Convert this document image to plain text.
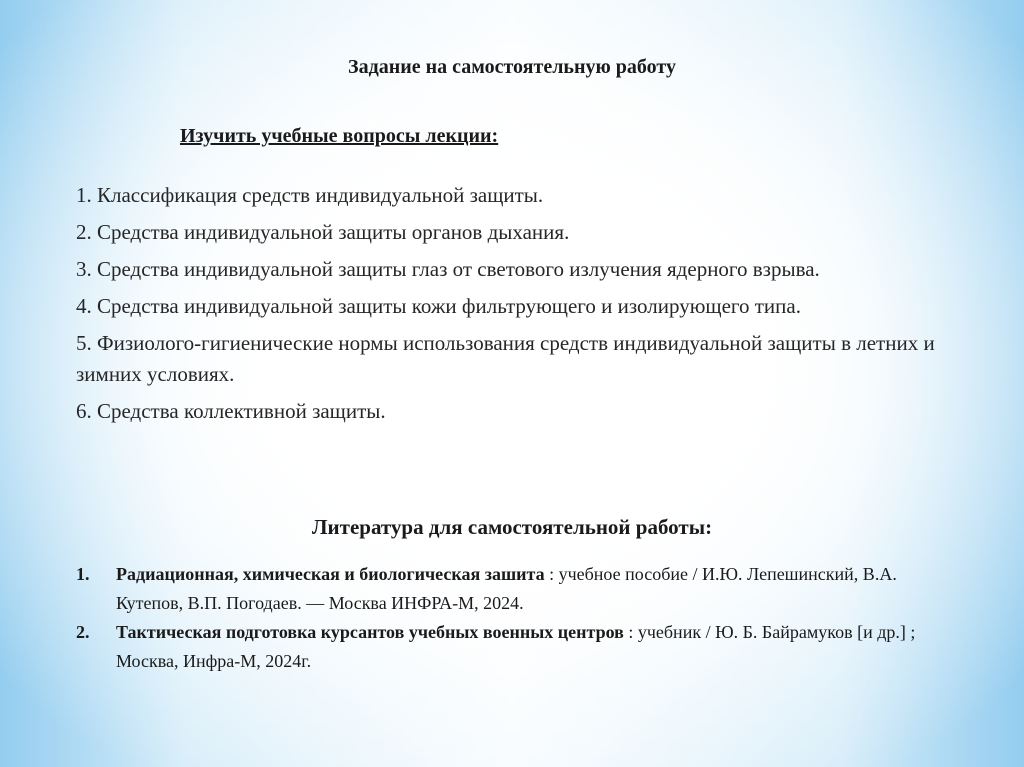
Задание на самостоятельную работу
Изучить учебные вопросы лекции:
1. Классификация средств индивидуальной защиты.
2. Средства индивидуальной защиты органов дыхания.
3. Средства индивидуальной защиты глаз от светового излучения ядерного взрыва.
4. Средства индивидуальной защиты кожи фильтрующего и изолирующего типа.
5. Физиолого-гигиенические нормы использования средств индивидуальной защиты в летних и зимних условиях.
6. Средства коллективной защиты.
Литература для самостоятельной работы:
1.	Радиационная, химическая и биологическая зашита : учебное пособие / И.Ю. Лепешинский, В.А. Кутепов, В.П. Погодаев. — Москва ИНФРА-М, 2024.
2.	Тактическая подготовка курсантов учебных военных центров : учебник / Ю. Б. Байрамуков [и др.] ; Москва, Инфра-М, 2024г.
